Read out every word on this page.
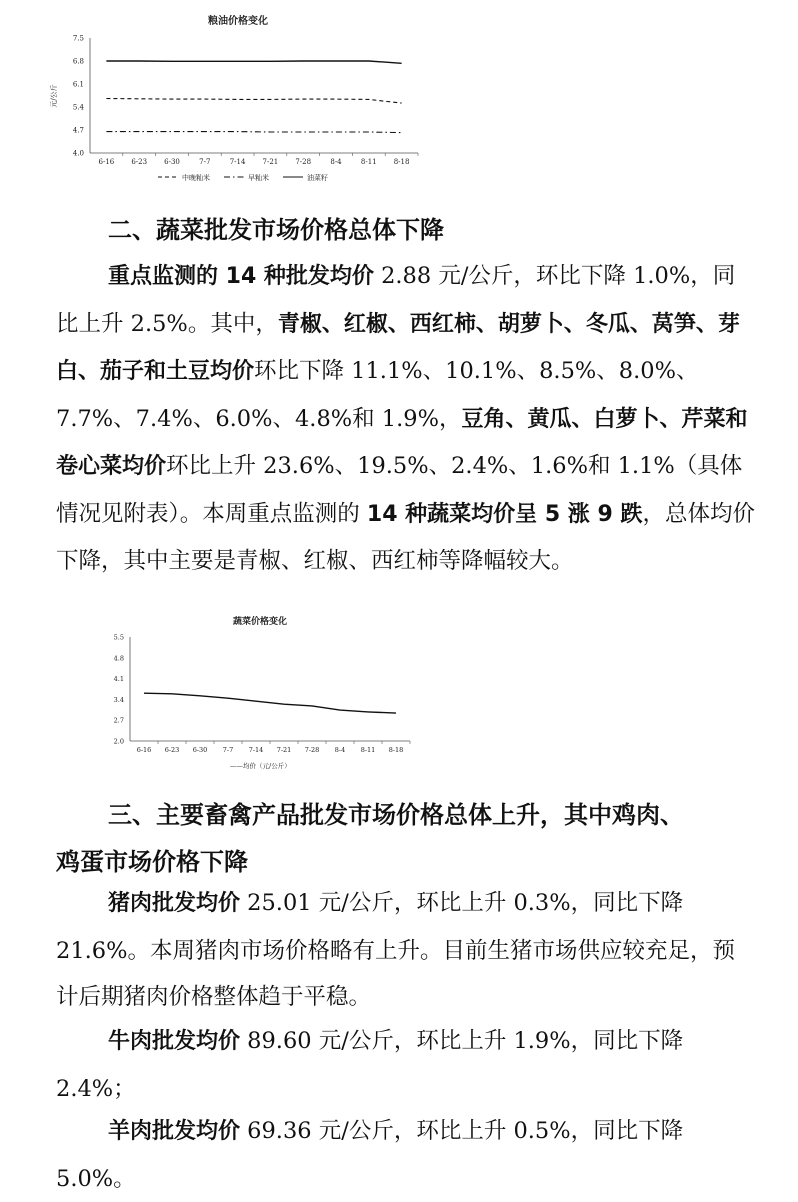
粮油价格变化
元/公斤
4.0
4.7
5.4
6.1
6.8
7.5
6-16 6-23 6-30	7-7	7-14 7-21 7-28	8-4	8-11 8-18
中晚籼米	早籼米	油菜籽
二、蔬菜批发市场价格总体下降

重点监测的 14 种批发均价 2.88 元/公斤，环比下降 1.0%，同比上升 2.5%。其中，青椒、红椒、西红柿、胡萝卜、冬瓜、莴笋、芽白、茄子和土豆均价环比下降 11.1%、10.1%、8.5%、8.0%、7.7%、7.4%、6.0%、4.8%和 1.9%，豆角、黄瓜、白萝卜、芹菜和卷心菜均价环比上升 23.6%、19.5%、2.4%、1.6%和 1.1%（具体情况见附表）。本周重点监测的 14 种蔬菜均价呈 5 涨 9 跌，总体均价下降，其中主要是青椒、红椒、西红柿等降幅较大。

蔬菜价格变化
2.0
2.7
3.4
4.1
4.8
5.5
6-16 6-23 6-30 7-7 7-14 7-21 7-28 8-4 8-11 8-18
——均价（元/公斤）
三、主要畜禽产品批发市场价格总体上升，其中鸡肉、
鸡蛋市场价格下降

猪肉批发均价 25.01 元/公斤，环比上升 0.3%，同比下降 21.6%。本周猪肉市场价格略有上升。目前生猪市场供应较充足，预计后期猪肉价格整体趋于平稳。

牛肉批发均价 89.60 元/公斤，环比上升 1.9%，同比下降 2.4%；

羊肉批发均价 69.36 元/公斤，环比上升 0.5%，同比下降 5.0%。
